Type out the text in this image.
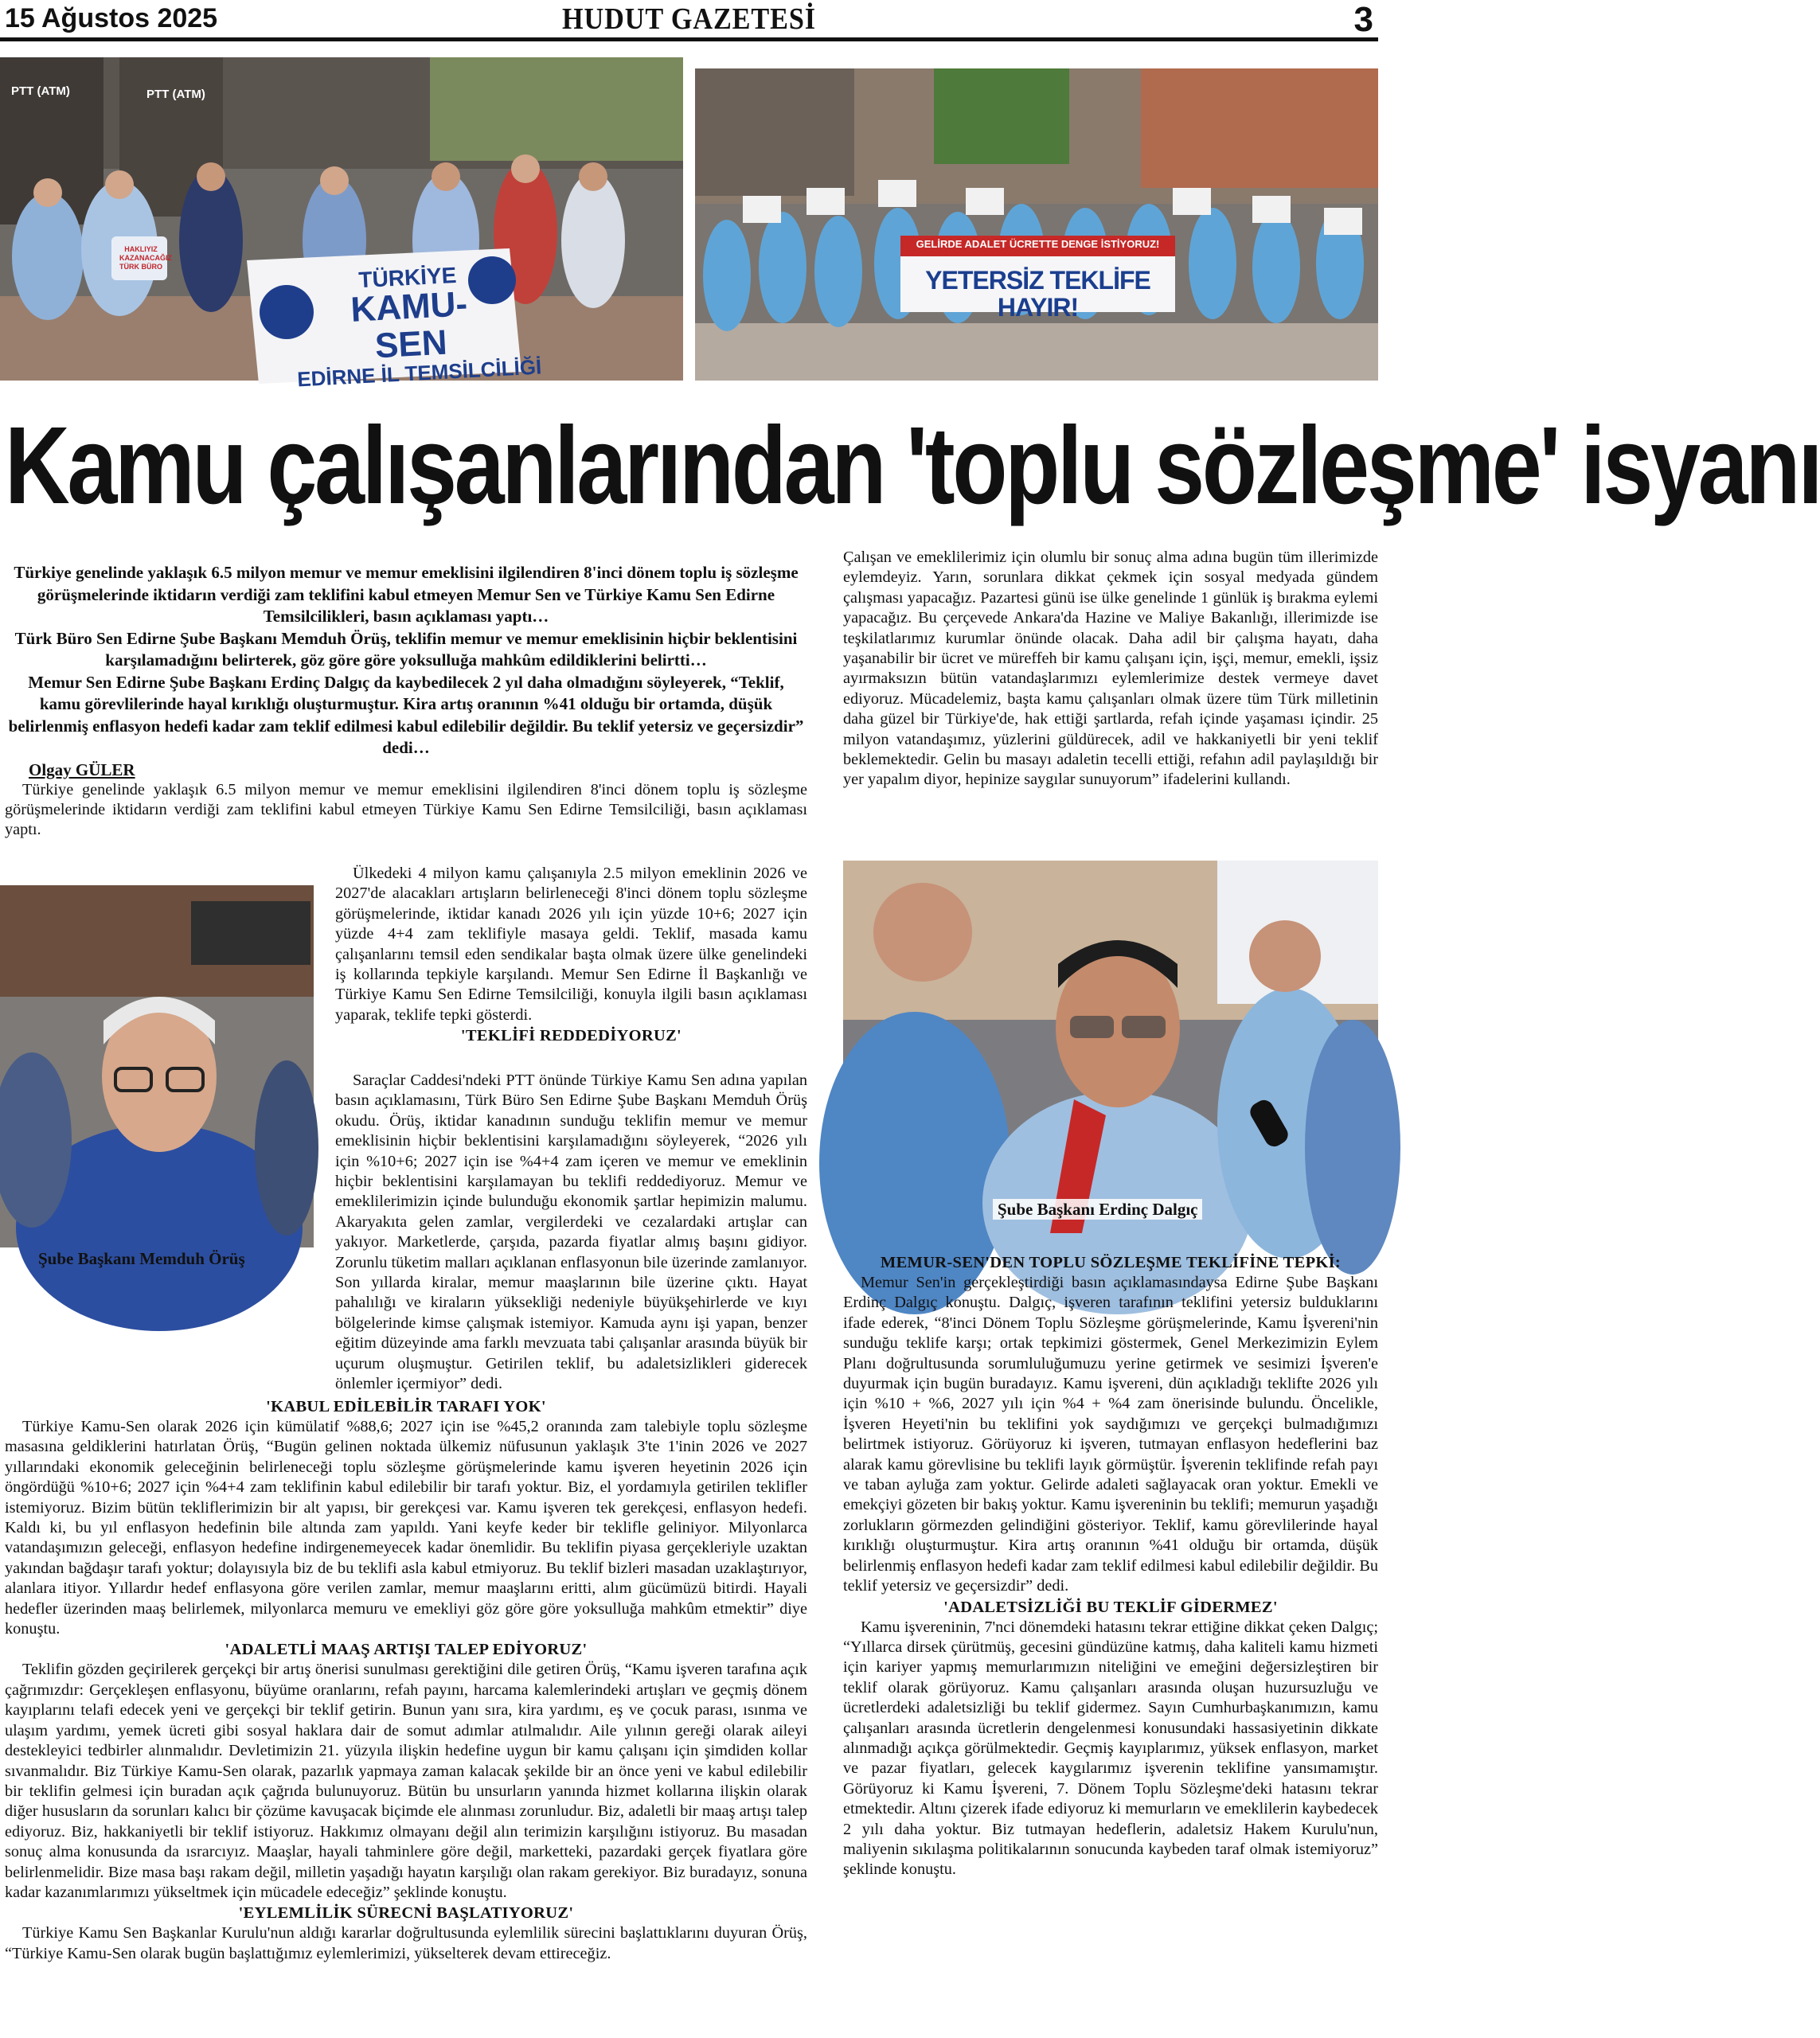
15 Ağustos 2025	HUDUT GAZETESİ	3
PTT (ATM)	PTT (ATM)
HAKLIYIZ KAZANACAĞIZ TÜRK BÜRO	TÜRKİYE
KAMU-SEN
EDİRNE İL TEMSİLCİLİĞİ
GELİRDE ADALET ÜCRETTE DENGE İSTİYORUZ!
YETERSİZ TEKLİFE HAYIR!
Kamu çalışanlarından 'toplu sözleşme' isyanı
Türkiye genelinde yaklaşık 6.5 milyon memur ve memur emeklisini ilgilendiren 8'inci dönem toplu iş sözleşme görüşmelerinde iktidarın verdiği zam teklifini kabul etmeyen Memur Sen ve Türkiye Kamu Sen Edirne Temsilcilikleri, basın açıklaması yaptı…
Türk Büro Sen Edirne Şube Başkanı Memduh Örüş, teklifin memur ve memur emeklisinin hiçbir beklentisini karşılamadığını belirterek, göz göre göre yoksulluğa mahkûm edildiklerini belirtti…
Memur Sen Edirne Şube Başkanı Erdinç Dalgıç da kaybedilecek 2 yıl daha olmadığını söyleyerek, “Teklif, kamu görevlilerinde hayal kırıklığı oluşturmuştur. Kira artış oranının %41 olduğu bir ortamda, düşük belirlenmiş enflasyon hedefi kadar zam teklif edilmesi kabul edilebilir değildir. Bu teklif yetersiz ve geçersizdir” dedi…
Olgay GÜLER
Türkiye genelinde yaklaşık 6.5 milyon memur ve memur emeklisini ilgilendiren 8'inci dönem toplu iş sözleşme görüşmelerinde iktidarın verdiği zam teklifini kabul etmeyen Türkiye Kamu Sen Edirne Temsilciliği, basın açıklaması yaptı.
Ülkedeki 4 milyon kamu çalışanıyla 2.5 milyon emeklinin 2026 ve 2027'de alacakları artışların belirleneceği 8'inci dönem toplu sözleşme görüşmelerinde, iktidar kanadı 2026 yılı için yüzde 10+6; 2027 için yüzde 4+4 zam teklifiyle masaya geldi. Teklif, masada kamu çalışanlarını temsil eden sendikalar başta olmak üzere ülke genelindeki iş kollarında tepkiyle karşılandı. Memur Sen Edirne İl Başkanlığı ve Türkiye Kamu Sen Edirne Temsilciliği, konuyla ilgili basın açıklaması yaparak, teklife tepki gösterdi.
'TEKLİFİ REDDEDİYORUZ'
Şube Başkanı Memduh Örüş
Saraçlar Caddesi'ndeki PTT önünde Türkiye Kamu Sen adına yapılan basın açıklamasını, Türk Büro Sen Edirne Şube Başkanı Memduh Örüş okudu. Örüş, iktidar kanadının sunduğu teklifin memur ve memur emeklisinin hiçbir beklentisini karşılamadığını söyleyerek, “2026 yılı için %10+6; 2027 için ise %4+4 zam içeren ve memur ve emeklinin hiçbir beklentisini karşılamayan bu teklifi reddediyoruz. Memur ve emeklilerimizin içinde bulunduğu ekonomik şartlar hepimizin malumu. Akaryakıta gelen zamlar, vergilerdeki ve cezalardaki artışlar can yakıyor. Marketlerde, çarşıda, pazarda fiyatlar almış başını gidiyor. Zorunlu tüketim malları açıklanan enflasyonun bile üzerinde zamlanıyor. Son yıllarda kiralar, memur maaşlarının bile üzerine çıktı. Hayat pahalılığı ve kiraların yüksekliği nedeniyle büyükşehirlerde ve kıyı bölgelerinde kimse çalışmak istemiyor. Kamuda aynı işi yapan, benzer eğitim düzeyinde ama farklı mevzuata tabi çalışanlar arasında büyük bir uçurum oluşmuştur. Getirilen teklif, bu adaletsizlikleri giderecek önlemler içermiyor” dedi.
'KABUL EDİLEBİLİR TARAFI YOK'
Türkiye Kamu-Sen olarak 2026 için kümülatif %88,6; 2027 için ise %45,2 oranında zam talebiyle toplu sözleşme masasına geldiklerini hatırlatan Örüş, “Bugün gelinen noktada ülkemiz nüfusunun yaklaşık 3'te 1'inin 2026 ve 2027 yıllarındaki ekonomik geleceğinin belirleneceği toplu sözleşme görüşmelerinde kamu işveren heyetinin 2026 için öngördüğü %10+6; 2027 için %4+4 zam teklifinin kabul edilebilir bir tarafı yoktur. Biz, el yordamıyla getirilen teklifler istemiyoruz. Bizim bütün tekliflerimizin bir alt yapısı, bir gerekçesi var. Kamu işveren tek gerekçesi, enflasyon hedefi. Kaldı ki, bu yıl enflasyon hedefinin bile altında zam yapıldı. Yani keyfe keder bir teklifle geliniyor. Milyonlarca vatandaşımızın geleceği, enflasyon hedefine indirgenemeyecek kadar önemlidir. Bu teklifin piyasa gerçekleriyle uzaktan yakından bağdaşır tarafı yoktur; dolayısıyla biz de bu teklifi asla kabul etmiyoruz. Bu teklif bizleri masadan uzaklaştırıyor, alanlara itiyor. Yıllardır hedef enflasyona göre verilen zamlar, memur maaşlarını eritti, alım gücümüzü bitirdi. Hayali hedefler üzerinden maaş belirlemek, milyonlarca memuru ve emekliyi göz göre göre yoksulluğa mahkûm etmektir” diye konuştu.
'ADALETLİ MAAŞ ARTIŞI TALEP EDİYORUZ'
Teklifin gözden geçirilerek gerçekçi bir artış önerisi sunulması gerektiğini dile getiren Örüş, “Kamu işveren tarafına açık çağrımızdır: Gerçekleşen enflasyonu, büyüme oranlarını, refah payını, harcama kalemlerindeki artışları ve geçmiş dönem kayıplarını telafi edecek yeni ve gerçekçi bir teklif getirin. Bunun yanı sıra, kira yardımı, eş ve çocuk parası, ısınma ve ulaşım yardımı, yemek ücreti gibi sosyal haklara dair de somut adımlar atılmalıdır. Aile yılının gereği olarak aileyi destekleyici tedbirler alınmalıdır. Devletimizin 21. yüzyıla ilişkin hedefine uygun bir kamu çalışanı için şimdiden kollar sıvanmalıdır. Biz Türkiye Kamu-Sen olarak, pazarlık yapmaya zaman kalacak şekilde bir an önce yeni ve kabul edilebilir bir teklifin gelmesi için buradan açık çağrıda bulunuyoruz. Bütün bu unsurların yanında hizmet kollarına ilişkin olarak diğer hususların da sorunları kalıcı bir çözüme kavuşacak biçimde ele alınması zorunludur. Biz, adaletli bir maaş artışı talep ediyoruz. Biz, hakkaniyetli bir teklif istiyoruz. Hakkımız olmayanı değil alın terimizin karşılığını istiyoruz. Bu masadan sonuç alma konusunda da ısrarcıyız. Maaşlar, hayali tahminlere göre değil, marketteki, pazardaki gerçek fiyatlara göre belirlenmelidir. Bize masa başı rakam değil, milletin yaşadığı hayatın karşılığı olan rakam gerekiyor. Biz buradayız, sonuna kadar kazanımlarımızı yükseltmek için mücadele edeceğiz” şeklinde konuştu.
'EYLEMLİLİK SÜRECNİ BAŞLATIYORUZ'
Türkiye Kamu Sen Başkanlar Kurulu'nun aldığı kararlar doğrultusunda eylemlilik sürecini başlattıklarını duyuran Örüş, “Türkiye Kamu-Sen olarak bugün başlattığımız eylemlerimizi, yükselterek devam ettireceğiz.
Çalışan ve emeklilerimiz için olumlu bir sonuç alma adına bugün tüm illerimizde eylemdeyiz. Yarın, sorunlara dikkat çekmek için sosyal medyada gündem çalışması yapacağız. Pazartesi günü ise ülke genelinde 1 günlük iş bırakma eylemi yapacağız. Bu çerçevede Ankara'da Hazine ve Maliye Bakanlığı, illerimizde ise teşkilatlarımız kurumlar önünde olacak. Daha adil bir çalışma hayatı, daha yaşanabilir bir ücret ve müreffeh bir kamu çalışanı için, işçi, memur, emekli, işsiz ayırmaksızın bütün vatandaşlarımızı eylemlerimize destek vermeye davet ediyoruz. Mücadelemiz, başta kamu çalışanları olmak üzere tüm Türk milletinin daha güzel bir Türkiye'de, hak ettiği şartlarda, refah içinde yaşaması içindir. 25 milyon vatandaşımız, yüzlerini güldürecek, adil ve hakkaniyetli bir yeni teklif beklemektedir. Gelin bu masayı adaletin tecelli ettiği, refahın adil paylaşıldığı bir yer yapalım diyor, hepinize saygılar sunuyorum” ifadelerini kullandı.
Şube Başkanı Erdinç Dalgıç
MEMUR-SEN'DEN TOPLU SÖZLEŞME TEKLİFİNE TEPKİ:
Memur Sen'in gerçekleştirdiği basın açıklamasındaysa Edirne Şube Başkanı Erdinç Dalgıç konuştu. Dalgıç, işveren tarafının teklifini yetersiz bulduklarını ifade ederek, “8'inci Dönem Toplu Sözleşme görüşmelerinde, Kamu İşvereni'nin sunduğu teklife karşı; ortak tepkimizi göstermek, Genel Merkezimizin Eylem Planı doğrultusunda sorumluluğumuzu yerine getirmek ve sesimizi İşveren'e duyurmak için bugün buradayız. Kamu işvereni, dün açıkladığı teklifte 2026 yılı için %10 + %6, 2027 yılı için %4 + %4 zam önerisinde bulundu. Öncelikle, İşveren Heyeti'nin bu teklifini yok saydığımızı ve gerçekçi bulmadığımızı belirtmek istiyoruz. Görüyoruz ki işveren, tutmayan enflasyon hedeflerini baz alarak kamu görevlisine bu teklifi layık görmüştür. İşverenin teklifinde refah payı ve taban ayluğa zam yoktur. Gelirde adaleti sağlayacak oran yoktur. Emekli ve emekçiyi gözeten bir bakış yoktur. Kamu işvereninin bu teklifi; memurun yaşadığı zorlukların görmezden gelindiğini gösteriyor. Teklif, kamu görevlilerinde hayal kırıklığı oluşturmuştur. Kira artış oranının %41 olduğu bir ortamda, düşük belirlenmiş enflasyon hedefi kadar zam teklif edilmesi kabul edilebilir değildir. Bu teklif yetersiz ve geçersizdir” dedi.
'ADALETSİZLİĞİ BU TEKLİF GİDERMEZ'
Kamu işvereninin, 7'nci dönemdeki hatasını tekrar ettiğine dikkat çeken Dalgıç; “Yıllarca dirsek çürütmüş, gecesini gündüzüne katmış, daha kaliteli kamu hizmeti için kariyer yapmış memurlarımızın niteliğini ve emeğini değersizleştiren bir teklif olarak görüyoruz. Kamu çalışanları arasında oluşan huzursuzluğu ve ücretlerdeki adaletsizliği bu teklif gidermez. Sayın Cumhurbaşkanımızın, kamu çalışanları arasında ücretlerin dengelenmesi konusundaki hassasiyetinin dikkate alınmadığı açıkça görülmektedir. Geçmiş kayıplarımız, yüksek enflasyon, market ve pazar fiyatları, gelecek kaygılarımız işverenin teklifine yansımamıştır. Görüyoruz ki Kamu İşvereni, 7. Dönem Toplu Sözleşme'deki hatasını tekrar etmektedir. Altını çizerek ifade ediyoruz ki memurların ve emeklilerin kaybedecek 2 yılı daha yoktur. Biz tutmayan hedeflerin, adaletsiz Hakem Kurulu'nun, maliyenin sıkılaşma politikalarının sonucunda kaybeden taraf olmak istemiyoruz” şeklinde konuştu.
